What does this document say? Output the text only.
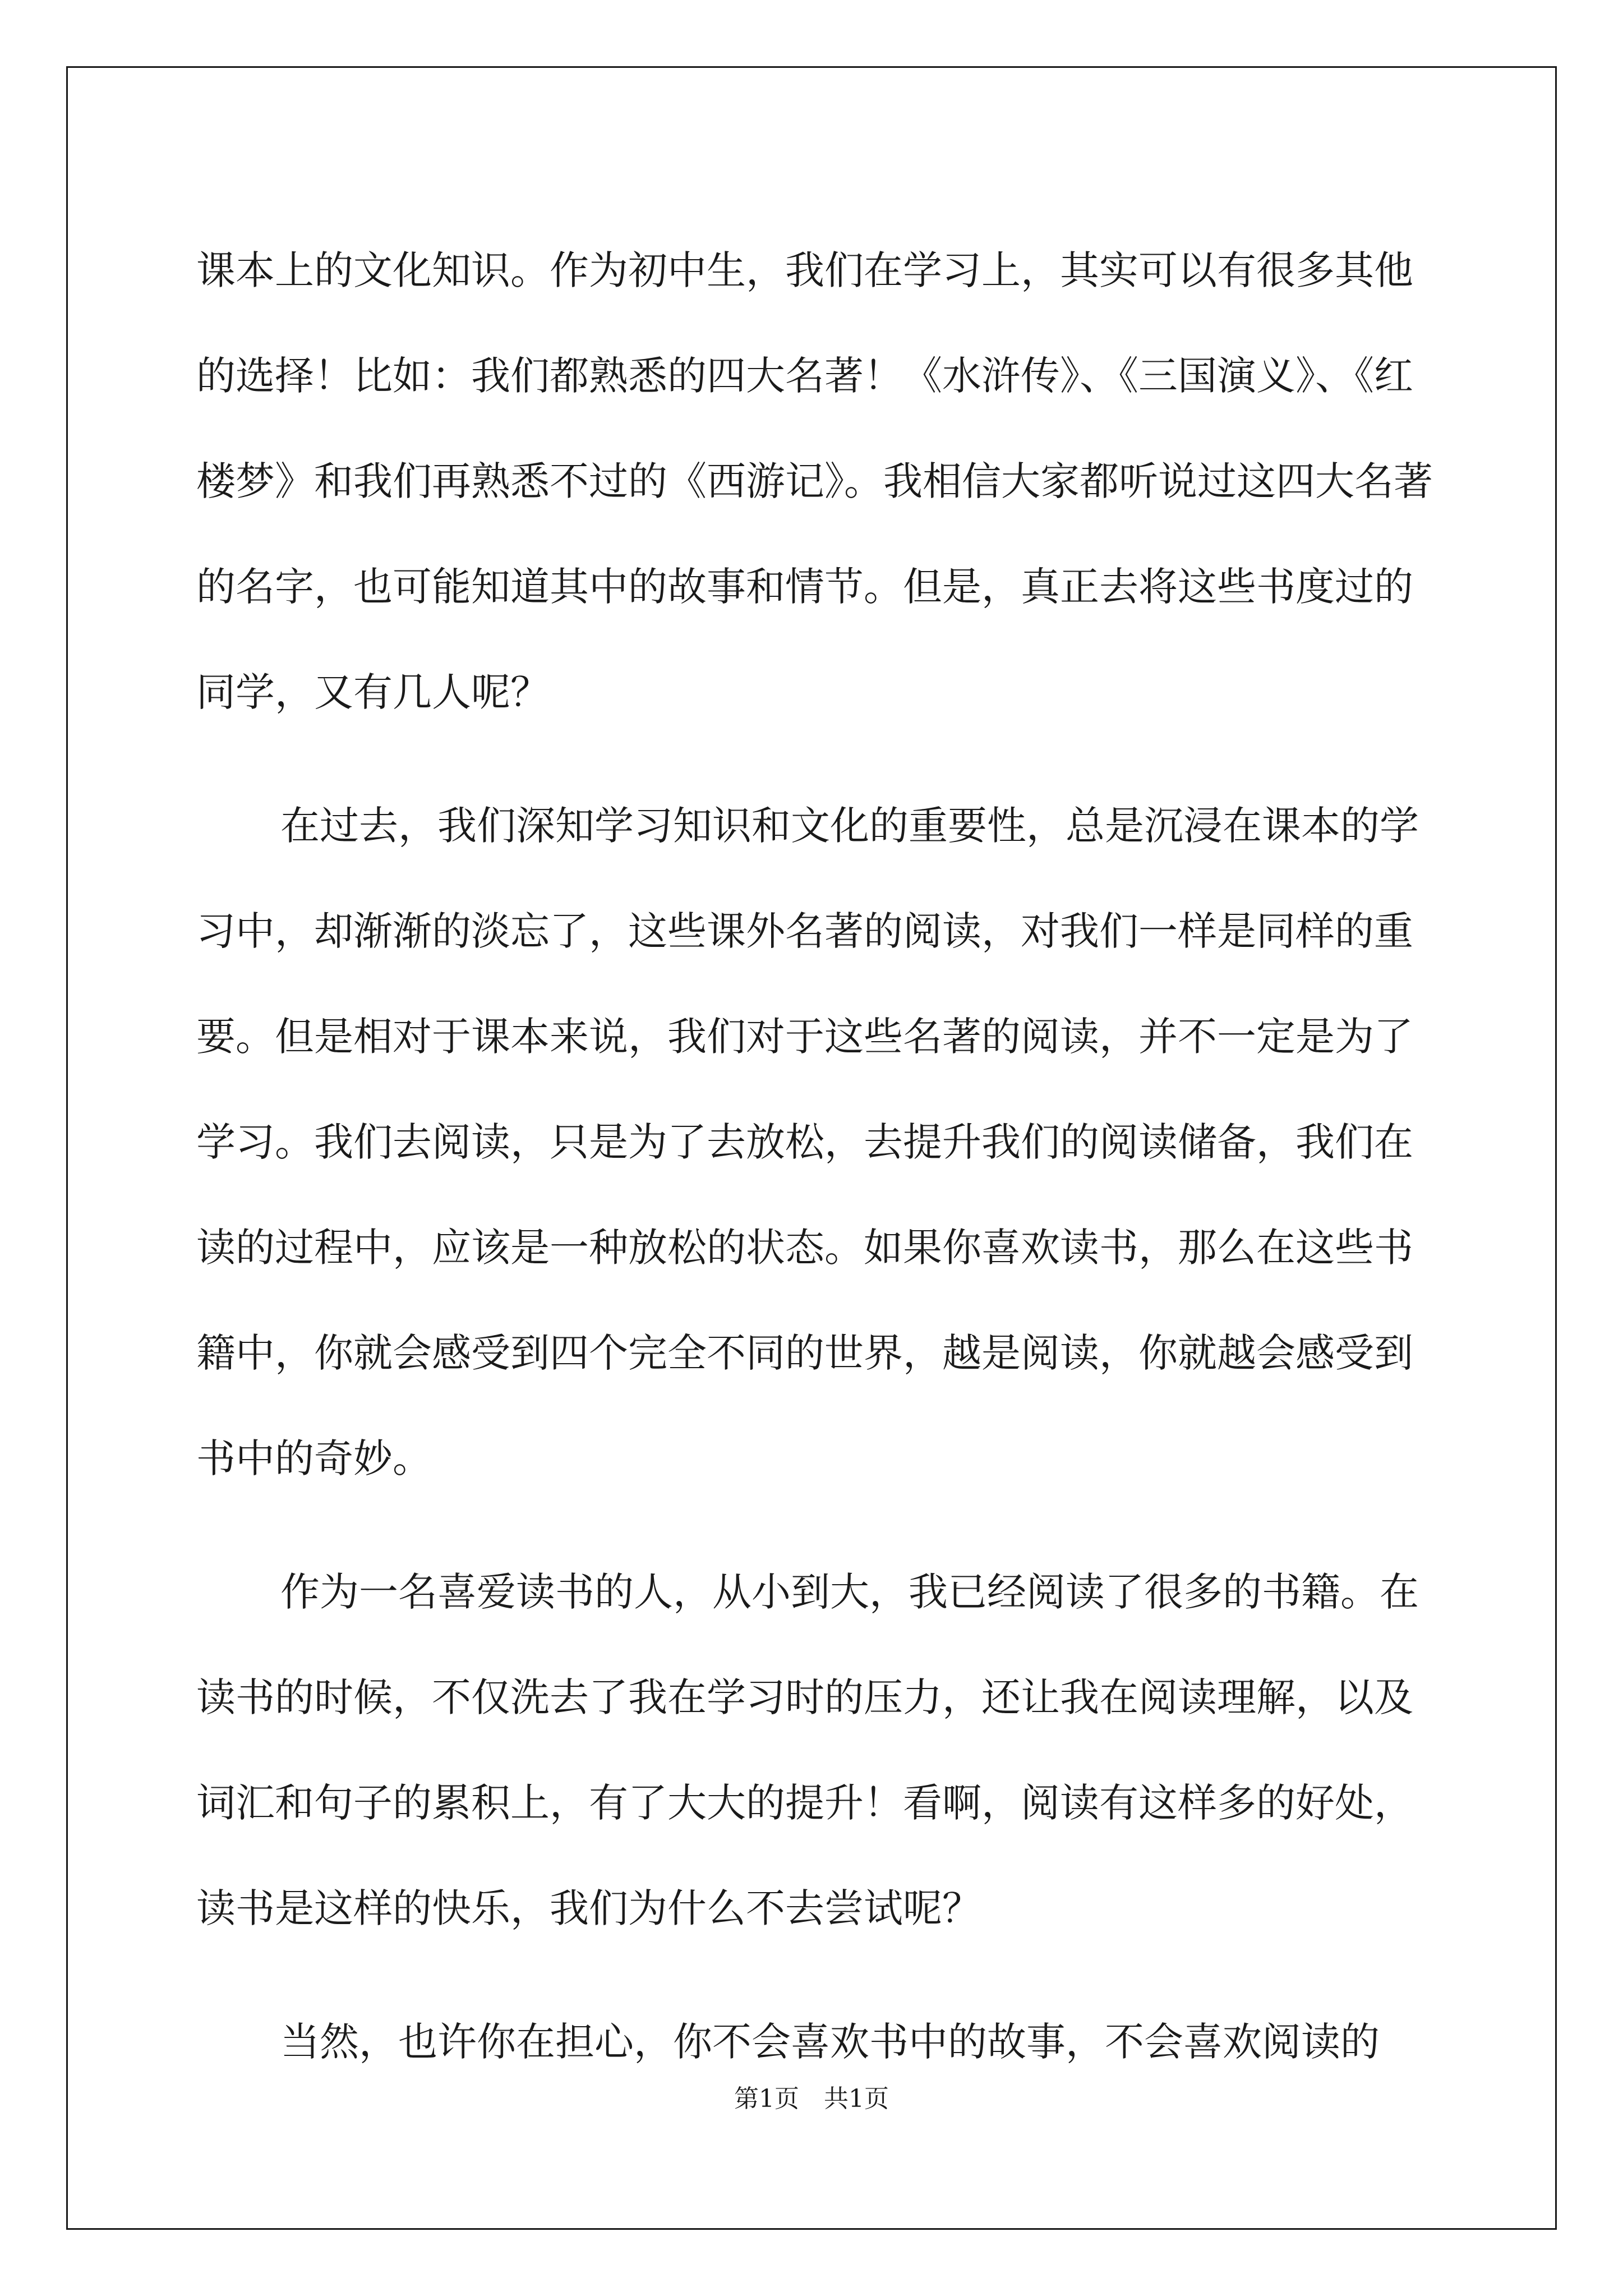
课本上的文化知识。作为初中生，我们在学习上，其实可以有很多其他的选择！比如：我们都熟悉的四大名著！《水浒传》、《三国演义》、《红楼梦》和我们再熟悉不过的《西游记》。我相信大家都听说过这四大名著的名字，也可能知道其中的故事和情节。但是，真正去将这些书度过的同学，又有几人呢？

在过去，我们深知学习知识和文化的重要性，总是沉浸在课本的学习中，却渐渐的淡忘了，这些课外名著的阅读，对我们一样是同样的重要。但是相对于课本来说，我们对于这些名著的阅读，并不一定是为了学习。我们去阅读，只是为了去放松，去提升我们的阅读储备，我们在读的过程中，应该是一种放松的状态。如果你喜欢读书，那么在这些书籍中，你就会感受到四个完全不同的世界，越是阅读，你就越会感受到书中的奇妙。

作为一名喜爱读书的人，从小到大，我已经阅读了很多的书籍。在读书的时候，不仅洗去了我在学习时的压力，还让我在阅读理解，以及词汇和句子的累积上，有了大大的提升！看啊，阅读有这样多的好处，读书是这样的快乐，我们为什么不去尝试呢？

当然，也许你在担心，你不会喜欢书中的故事，不会喜欢阅读的

第1页　共1页
